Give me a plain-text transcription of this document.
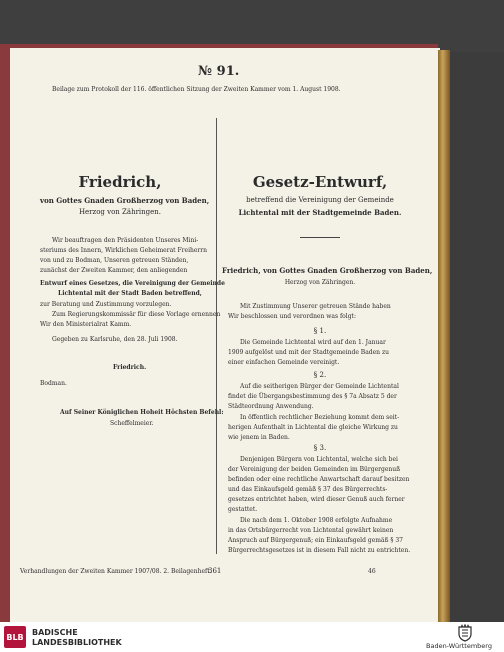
№ 91.
Beilage zum Protokoll der 116. öffentlichen Sitzung der Zweiten Kammer vom 1. August 1908.
Friedrich,
von Gottes Gnaden Großherzog von Baden,
Herzog von Zähringen.
Wir beauftragen den Präsidenten Unseres Mini-
steriums des Innern, Wirklichen Geheimerat Freiherrn
von und zu Bodman, Unseren getreuen Ständen,
zunächst der Zweiten Kammer, den anliegenden
Entwurf eines Gesetzes, die Vereinigung der Gemeinde
Lichtental mit der Stadt Baden betreffend,
zur Beratung und Zustimmung vorzulegen.
Zum Regierungskommissär für diese Vorlage ernennen
Wir den Ministerialrat Kamm.
Gegeben zu Karlsruhe, den 28. Juli 1908.
Friedrich.
Bodman.
Auf Seiner Königlichen Hoheit Höchsten Befehl:
Scheffelmeier.
Gesetz-Entwurf,
betreffend die Vereinigung der Gemeinde
Lichtental mit der Stadtgemeinde Baden.
Friedrich, von Gottes Gnaden Großherzog von Baden,
Herzog von Zähringen.
Mit Zustimmung Unserer getreuen Stände haben
Wir beschlossen und verordnen was folgt:
§ 1.
Die Gemeinde Lichtental wird auf den 1. Januar
1909 aufgelöst und mit der Stadtgemeinde Baden zu
einer einfachen Gemeinde vereinigt.
§ 2.
Auf die seitherigen Bürger der Gemeinde Lichtental
findet die Übergangsbestimmung des § 7a Absatz 5 der
Städteordnung Anwendung.
In öffentlich rechtlicher Beziehung kommt dem seit-
herigen Aufenthalt in Lichtental die gleiche Wirkung zu
wie jenem in Baden.
§ 3.
Denjenigen Bürgern von Lichtental, welche sich bei
der Vereinigung der beiden Gemeinden im Bürgergenuß
befinden oder eine rechtliche Anwartschaft darauf besitzen
und das Einkaufsgeld gemäß § 37 des Bürgerrechts-
gesetzes entrichtet haben, wird dieser Genuß auch ferner
gestattet.
Die nach dem 1. Oktober 1908 erfolgte Aufnahme
in das Ortsbürgerrecht von Lichtental gewährt keinen
Anspruch auf Bürgergenuß; ein Einkaufsgeld gemäß § 37
Bürgerrechtsgesetzes ist in diesem Fall nicht zu entrichten.
Verhandlungen der Zweiten Kammer 1907/08. 2. Beilagenheft.
361	46
BLB BADISCHE
LANDESBIBLIOTHEK	Baden-Württemberg
